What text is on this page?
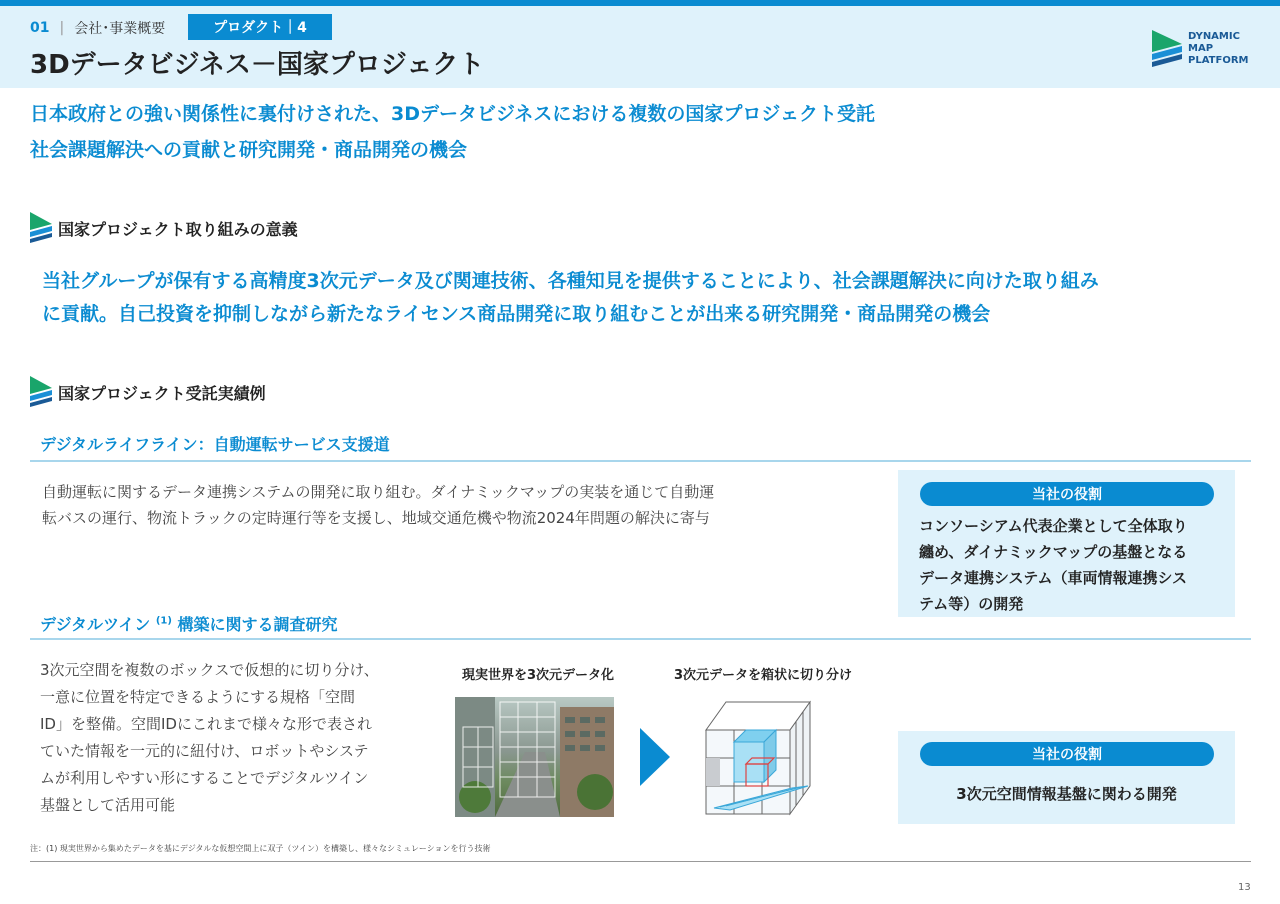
01 | 会社･事業概要	プロダクト｜4
3Dデータビジネス－国家プロジェクト
DYNAMIC
MAP
PLATFORM
日本政府との強い関係性に裏付けされた、3Dデータビジネスにおける複数の国家プロジェクト受託
社会課題解決への貢献と研究開発・商品開発の機会
国家プロジェクト取り組みの意義
当社グループが保有する高精度3次元データ及び関連技術、各種知見を提供することにより、社会課題解決に向けた取り組み
に貢献。自己投資を抑制しながら新たなライセンス商品開発に取り組むことが出来る研究開発・商品開発の機会
国家プロジェクト受託実績例
デジタルライフライン：自動運転サービス支援道
自動運転に関するデータ連携システムの開発に取り組む。ダイナミックマップの実装を通じて自動運
転バスの運行、物流トラックの定時運行等を支援し、地域交通危機や物流2024年問題の解決に寄与
当社の役割
コンソーシアム代表企業として全体取り
纏め、ダイナミックマップの基盤となる
データ連携システム（車両情報連携シス
テム等）の開発
デジタルツイン $^{(1)}$ 構築に関する調査研究
3次元空間を複数のボックスで仮想的に切り分け、
一意に位置を特定できるようにする規格「空間
ID」を整備。空間IDにこれまで様々な形で表され
ていた情報を一元的に紐付け、ロボットやシステ
ムが利用しやすい形にすることでデジタルツイン
基盤として活用可能
現実世界を3次元データ化	3次元データを箱状に切り分け
当社の役割
3次元空間情報基盤に関わる開発
注：(1) 現実世界から集めたデータを基にデジタルな仮想空間上に双子（ツイン）を構築し、様々なシミュレーションを行う技術
13
